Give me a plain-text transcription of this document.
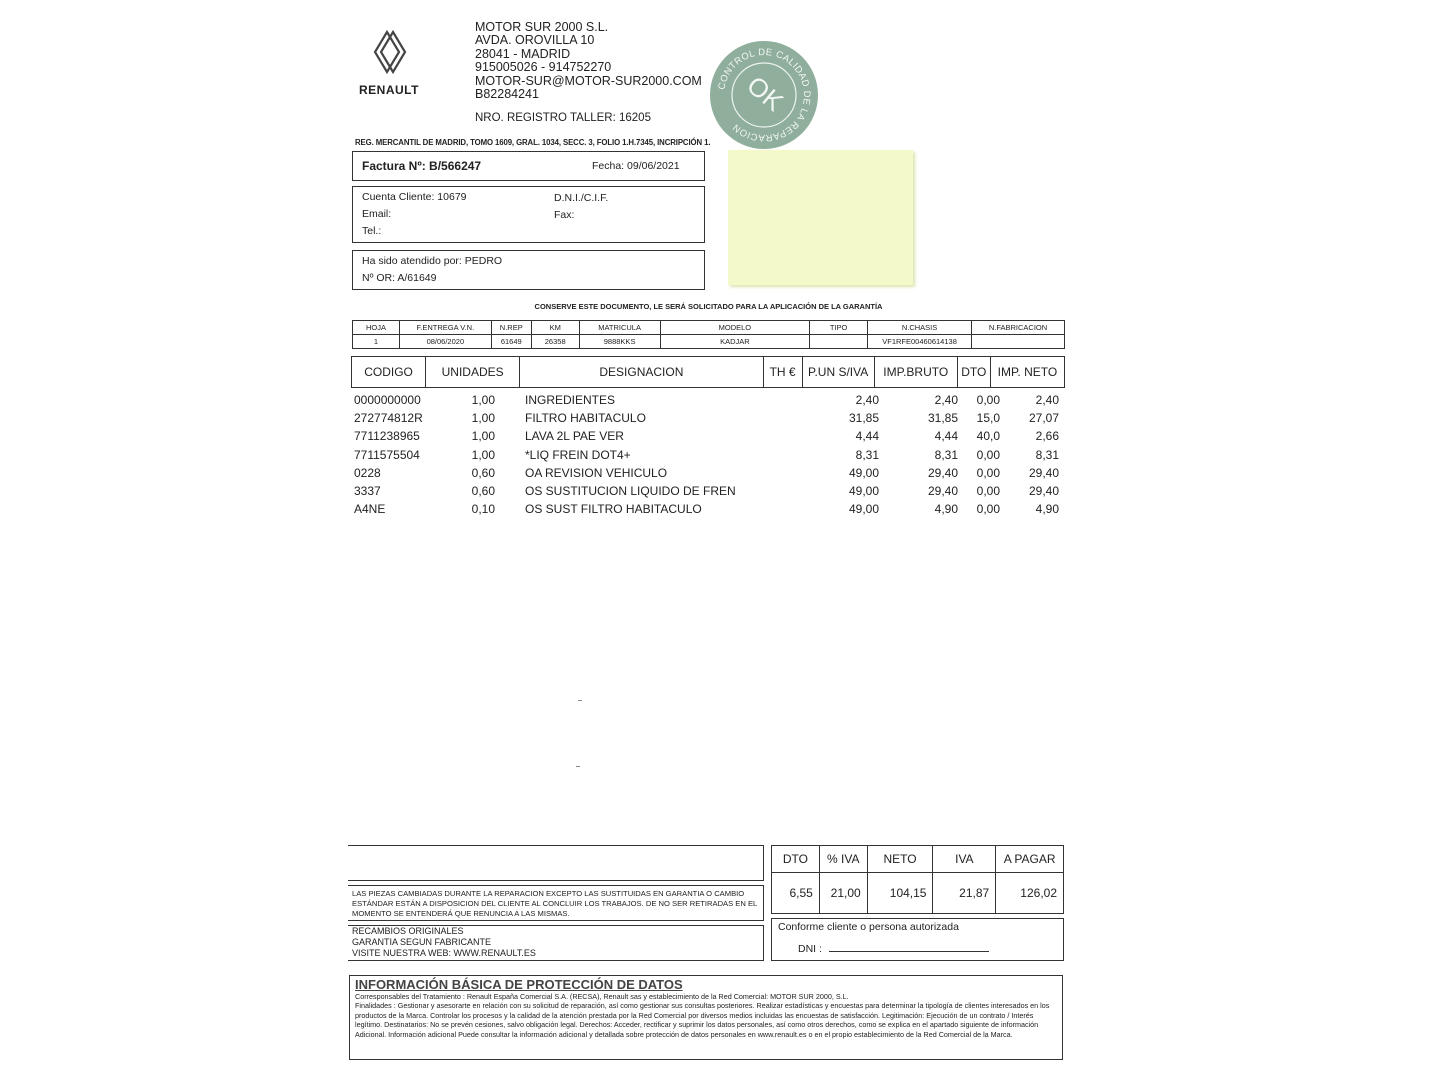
RENAULT
MOTOR SUR 2000 S.L.
AVDA. OROVILLA 10
28041 - MADRID
915005026 - 914752270
MOTOR-SUR@MOTOR-SUR2000.COM
B82284241
NRO. REGISTRO TALLER: 16205
CONTROL DE CALIDAD DE LA REPARACION
OK
REG. MERCANTIL DE MADRID, TOMO 1609, GRAL. 1034, SECC. 3, FOLIO 1.H.7345, INCRIPCIÓN 1.
Factura Nº: B/566247	Fecha: 09/06/2021
Cuenta Cliente: 10679	D.N.I./C.I.F.
Email:	Fax:
Tel.:
Ha sido atendido por: PEDRO
Nº OR: A/61649
CONSERVE ESTE DOCUMENTO, LE SERÁ SOLICITADO PARA LA APLICACIÓN DE LA GARANTÍA
HOJA	F.ENTREGA V.N.	N.REP	KM	MATRICULA	MODELO	TIPO	N.CHASIS	N.FABRICACION
1	08/06/2020	61649	26358	9888KKS	KADJAR		VF1RFE00460614138	
CODIGO	UNIDADES	DESIGNACION	TH €	P.UN S/IVA	IMP.BRUTO	DTO	IMP. NETO
0000000000	1,00	INGREDIENTES		2,40	2,40	0,00	2,40
272774812R	1,00	FILTRO HABITACULO		31,85	31,85	15,0	27,07
7711238965	1,00	LAVA 2L PAE VER		4,44	4,44	40,0	2,66
7711575504	1,00	*LIQ FREIN DOT4+		8,31	8,31	0,00	8,31
0228	0,60	OA REVISION VEHICULO		49,00	29,40	0,00	29,40
3337	0,60	OS SUSTITUCION LIQUIDO DE FREN		49,00	29,40	0,00	29,40
A4NE	0,10	OS SUST FILTRO HABITACULO		49,00	4,90	0,00	4,90
LAS PIEZAS CAMBIADAS DURANTE LA REPARACION EXCEPTO LAS SUSTITUIDAS EN GARANTIA O CAMBIO ESTÁNDAR ESTÁN A DISPOSICION DEL CLIENTE AL CONCLUIR LOS TRABAJOS. DE NO SER RETIRADAS EN EL MOMENTO SE ENTENDERÁ QUE RENUNCIA A LAS MISMAS.
RECAMBIOS ORIGINALES
GARANTIA SEGUN FABRICANTE
VISITE NUESTRA WEB: WWW.RENAULT.ES
DTO	% IVA	NETO	IVA	A PAGAR
6,55	21,00	104,15	21,87	126,02
Conforme cliente o persona autorizada
DNI :
INFORMACIÓN BÁSICA DE PROTECCIÓN DE DATOS
Corresponsables del Tratamiento : Renault España Comercial S.A. (RECSA), Renault sas y establecimiento de la Red Comercial: MOTOR SUR 2000, S.L.
Finalidades : Gestionar y asesorarte en relación con su solicitud de reparación, así como gestionar sus consultas posteriores. Realizar estadísticas y encuestas para determinar la tipología de clientes interesados en los productos de la Marca. Controlar los procesos y la calidad de la atención prestada por la Red Comercial por diversos medios incluidas las encuestas de satisfacción. Legitimación: Ejecución de un contrato / Interés legítimo. Destinatarios: No se prevén cesiones, salvo obligación legal. Derechos: Acceder, rectificar y suprimir los datos personales, así como otros derechos, como se explica en el apartado siguiente de información Adicional. Información adicional Puede consultar la información adicional y detallada sobre protección de datos personales en www.renault.es o en el propio establecimiento de la Red Comercial de la Marca.
